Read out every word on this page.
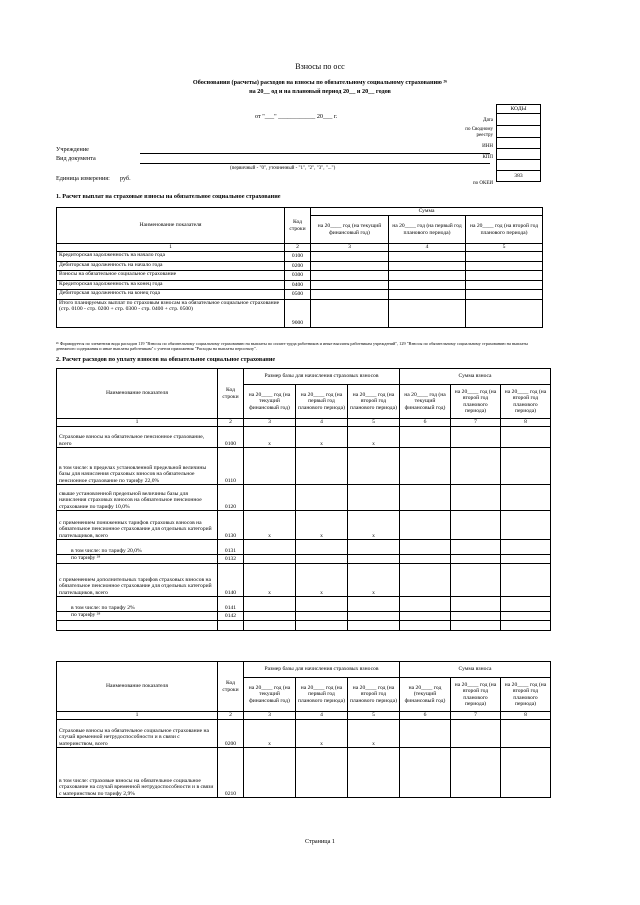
Взносы по осс
Обоснования (расчеты) расходов на взносы по обязательному социальному страхованию ²⁶
на 20__ од и на плановый период 20__ и 20__ годов
от "___" ____________ 20___ г.
КОДЫ

383
Дата
по Сводному реестру
ИНН
КПП
по ОКЕИ
Учреждение
Вид документа
(первичный - "0", уточненный - "1", "2", "3", "...")
Единица измерения: руб.
1. Расчет выплат на страховые взносы на обязательное социальное страхование
Наименование показателя	Код строки	Сумма		
		на 20____ год (на текущий финансовый год)	на 20____ год (на первый год планового периода)	на 20____ год (на второй год планового периода)
1	2	3	4	5
Кредиторская задолженность на начало года	0100			
Дебиторская задолженность на начало года	0200			
Взносы на обязательное социальное страхование	0300			
Кредиторская задолженность на конец года	0400			
Дебиторская задолженность на конец года	0500			
Итого планируемых выплат по страховым взносам на обязательное социальное страхование (стр. 0100 - стр. 0200 + стр. 0300 - стр. 0400 + стр. 0500)	9000			
²⁶ Формируется по элементам вида расходов 119 "Взносы по обязательному социальному страхованию на выплаты по оплате труда работников и иные выплаты работникам учреждений", 129 "Взносы по обязательному социальному страхованию на выплаты денежного содержания и иные выплаты работникам" с учетом приложения "Расходы на выплаты персоналу".
2. Расчет расходов по уплату взносов на обязательное социальное страхование
Наименование показателя	Код строки	Размер базы для начисления страховых взносов			Сумма взноса		
		на 20____ год (на текущий финансовый год)	на 20____ год (на первый год планового периода)	на 20____ год (на второй год планового периода)	на 20____ год (на текущий финансовый год)	на 20____ год (на второй год планового периода)	на 20____ год (на второй год планового периода)
1	2	3	4	5	6	7	8
Страховые взносы на обязательное пенсионное страхование, всего	0100	x	x	x			
в том числе: в пределах установленной предельной величины базы для начисления страховых взносов на обязательное пенсионное страхование по тарифу 22,0%	0110						
свыше установленной предельной величины базы для начисления страховых взносов на обязательное пенсионное страхование по тарифу 10,0%	0120						
с применением пониженных тарифов страховых взносов на обязательное пенсионное страхование для отдельных категорий плательщиков, всего	0130	x	x	x			
в том числе: по тарифу 20,0%	0131						
по тарифу ²⁸	0132						
с применением дополнительных тарифов страховых взносов на обязательное пенсионное страхование для отдельных категорий плательщиков, всего	0140	x	x	x			
в том числе: по тарифу 2%	0141						
по тарифу ²⁸	0142						

Наименование показателя	Код строки	Размер базы для начисления страховых взносов			Сумма взноса		
		на 20____ год (на текущий финансовый год)	на 20____ год (на первый год планового периода)	на 20____ год (на второй год планового периода)	на 20____ год (текущий финансовый год)	на 20____ год (на второй год планового периода)	на 20____ год (на второй год планового периода)
1	2	3	4	5	6	7	8
Страховые взносы на обязательное социальное страхование на случай временной нетрудоспособности и в связи с материнством, всего	0200	x	x	x			
в том числе: страховые взносы на обязательное социальное страхование на случай временной нетрудоспособности и в связи с материнством по тарифу 2,9%	0210						
Страница 1
